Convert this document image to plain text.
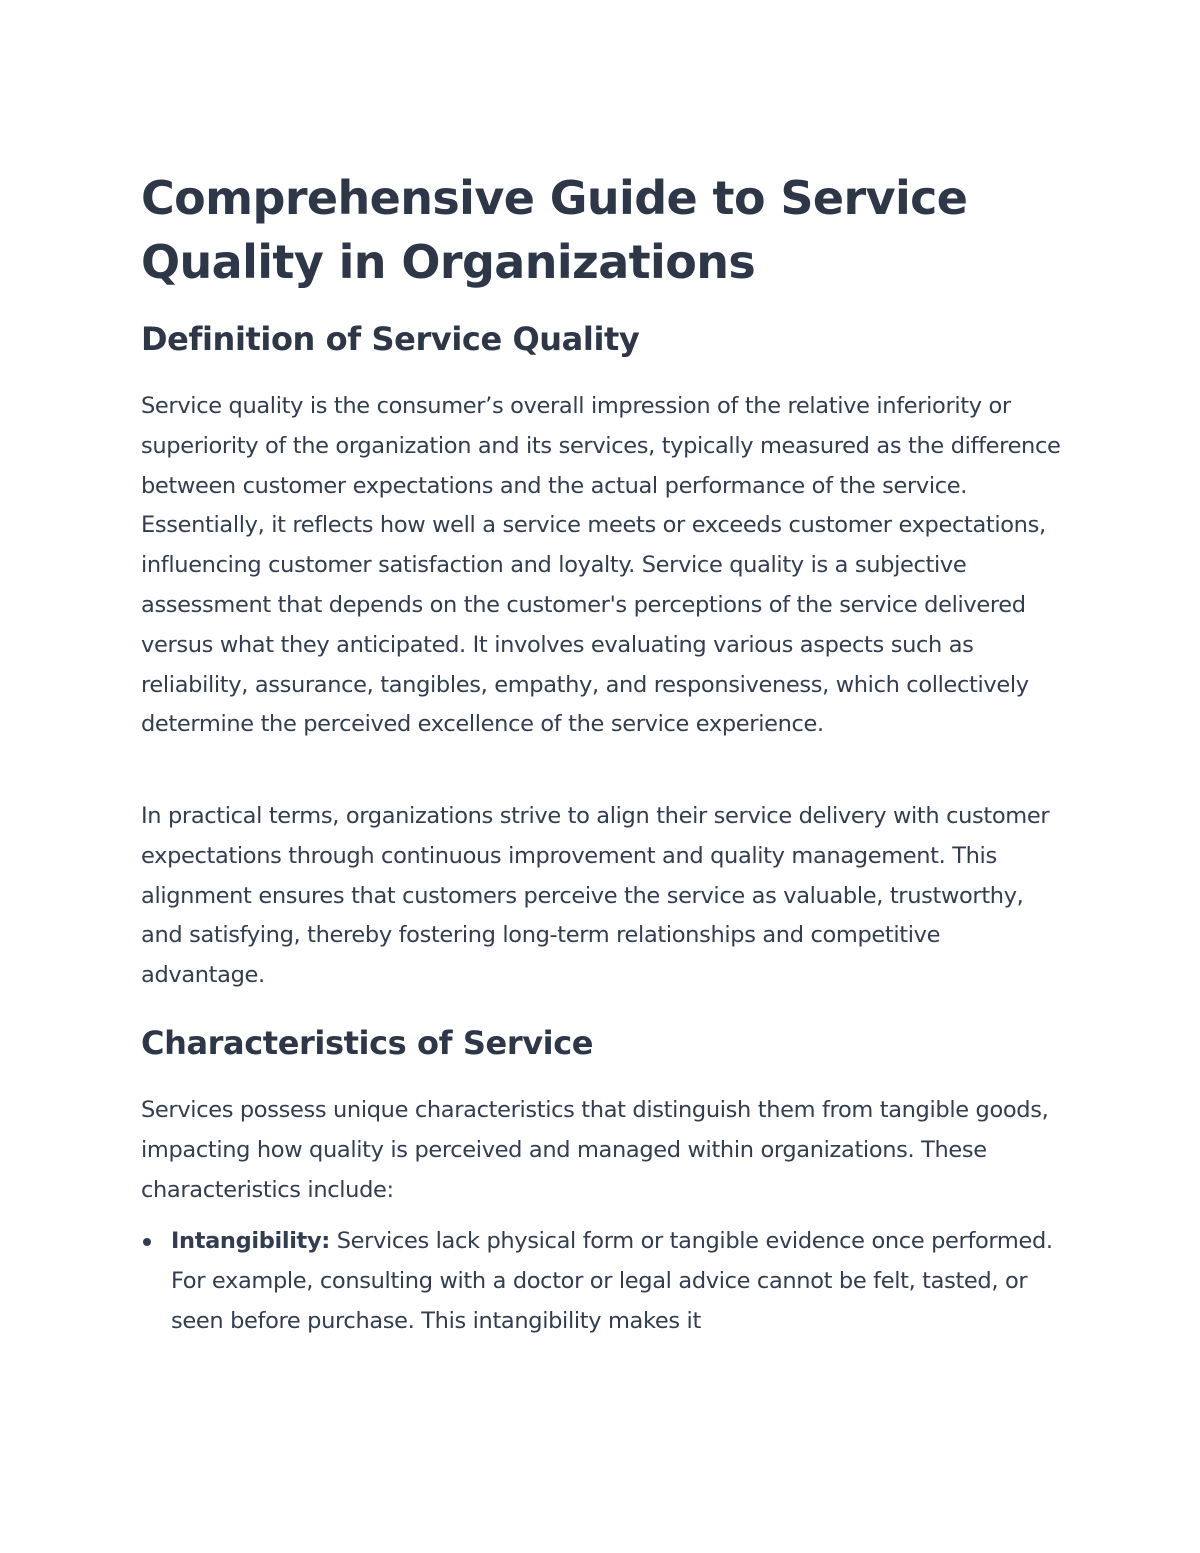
Comprehensive Guide to Service
Quality in Organizations
Definition of Service Quality

Service quality is the consumer’s overall impression of the relative inferiority or superiority of the organization and its services, typically measured as the difference between customer expectations and the actual performance of the service. Essentially, it reflects how well a service meets or exceeds customer expectations, influencing customer satisfaction and loyalty. Service quality is a subjective assessment that depends on the customer's perceptions of the service delivered versus what they anticipated. It involves evaluating various aspects such as reliability, assurance, tangibles, empathy, and responsiveness, which collectively determine the perceived excellence of the service experience.

In practical terms, organizations strive to align their service delivery with customer expectations through continuous improvement and quality management. This alignment ensures that customers perceive the service as valuable, trustworthy, and satisfying, thereby fostering long-term relationships and competitive advantage.

Characteristics of Service

Services possess unique characteristics that distinguish them from tangible goods, impacting how quality is perceived and managed within organizations. These characteristics include:

Intangibility: Services lack physical form or tangible evidence once performed. For example, consulting with a doctor or legal advice cannot be felt, tasted, or seen before purchase. This intangibility makes it
